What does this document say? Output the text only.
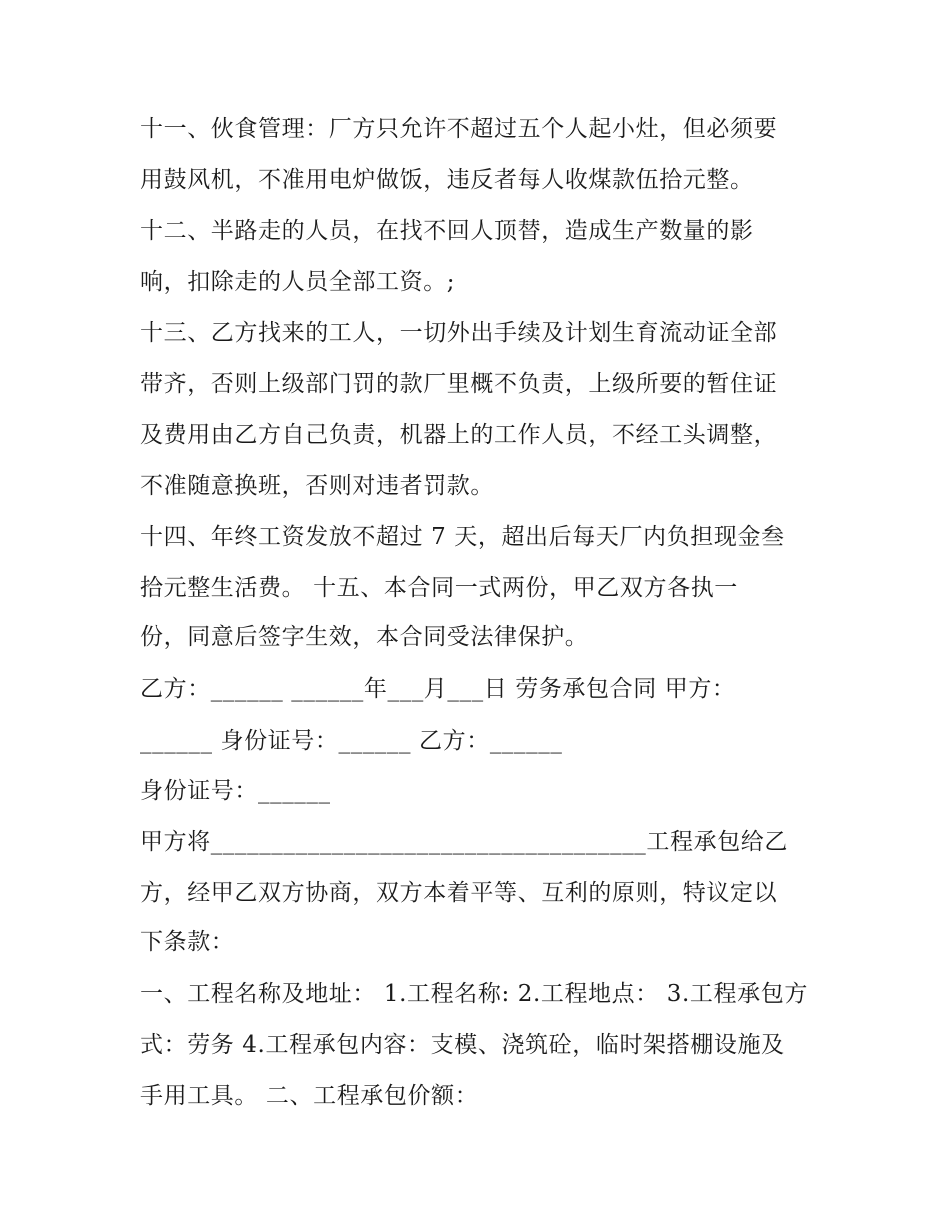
十一、伙食管理：厂方只允许不超过五个人起小灶，但必须要
用鼓风机，不准用电炉做饭，违反者每人收煤款伍拾元整。
十二、半路走的人员，在找不回人顶替，造成生产数量的影
响，扣除走的人员全部工资。;
十三、乙方找来的工人，一切外出手续及计划生育流动证全部
带齐，否则上级部门罚的款厂里概不负责，上级所要的暂住证
及费用由乙方自己负责，机器上的工作人员，不经工头调整，
不准随意换班，否则对违者罚款。
十四、年终工资发放不超过 7 天，超出后每天厂内负担现金叁
拾元整生活费。 十五、本合同一式两份，甲乙双方各执一
份，同意后签字生效，本合同受法律保护。
乙方：______ ______年___月___日 劳务承包合同 甲方：
______ 身份证号：______ 乙方：______
身份证号：______
甲方将____________________________________工程承包给乙
方，经甲乙双方协商，双方本着平等、互利的原则，特议定以
下条款：
一、工程名称及地址： 1.工程名称: 2.工程地点： 3.工程承包方
式：劳务 4.工程承包内容：支模、浇筑砼，临时架搭棚设施及
手用工具。 二、工程承包价额：
